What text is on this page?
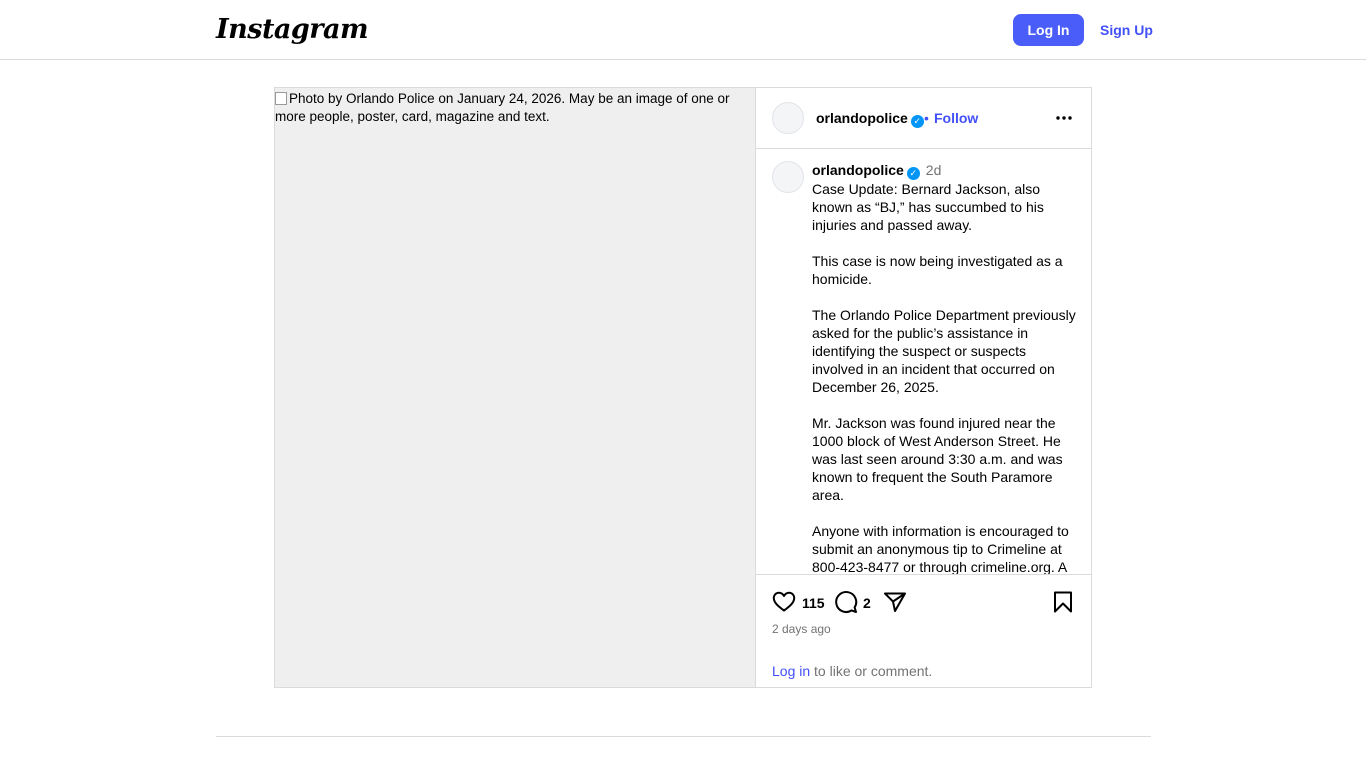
Instagram	Log In	Sign Up
Photo by Orlando Police on January 24, 2026. May be an image of one or more people, poster, card, magazine and text.	orlandopolice ✓ • Follow
orlandopolice ✓ 2d
Case Update: Bernard Jackson, also known as “BJ,” has succumbed to his injuries and passed away.

This case is now being investigated as a homicide.

The Orlando Police Department previously asked for the public’s assistance in identifying the suspect or suspects involved in an incident that occurred on December 26, 2025.

Mr. Jackson was found injured near the 1000 block of West Anderson Street. He was last seen around 3:30 a.m. and was known to frequent the South Paramore area.

Anyone with information is encouraged to submit an anonymous tip to Crimeline at 800-423-8477 or through crimeline.org. A
115	2
2 days ago
Log in to like or comment.
